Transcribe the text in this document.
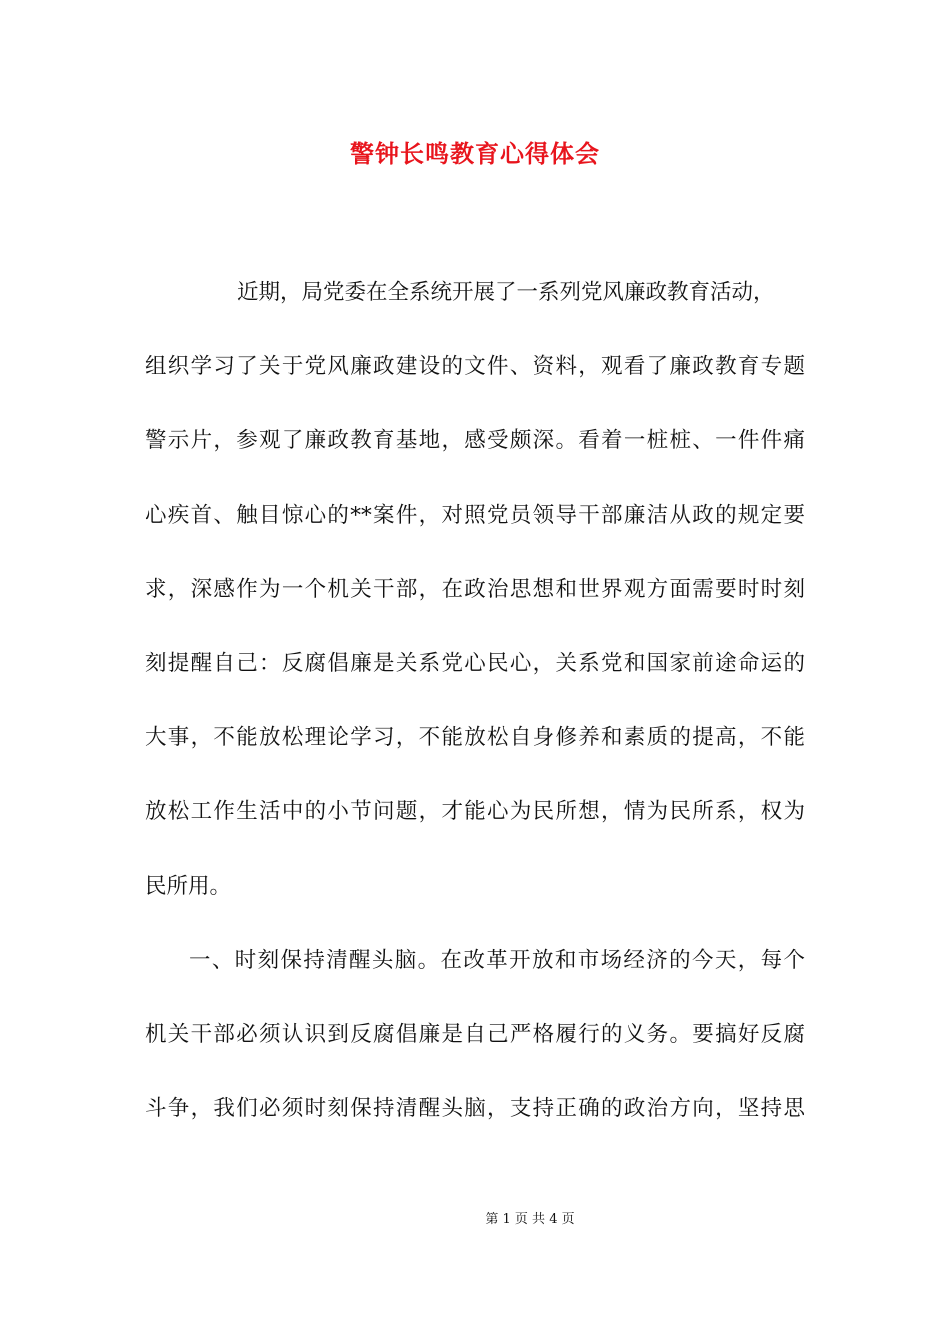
警钟长鸣教育心得体会
近期，局党委在全系统开展了一系列党风廉政教育活动，
组织学习了关于党风廉政建设的文件、资料，观看了廉政教育专题
警示片，参观了廉政教育基地，感受颇深。看着一桩桩、一件件痛
心疾首、触目惊心的**案件，对照党员领导干部廉洁从政的规定要
求，深感作为一个机关干部，在政治思想和世界观方面需要时时刻
刻提醒自己：反腐倡廉是关系党心民心，关系党和国家前途命运的
大事，不能放松理论学习，不能放松自身修养和素质的提高，不能
放松工作生活中的小节问题，才能心为民所想，情为民所系，权为
民所用。
一、时刻保持清醒头脑。在改革开放和市场经济的今天，每个
机关干部必须认识到反腐倡廉是自己严格履行的义务。要搞好反腐
斗争，我们必须时刻保持清醒头脑，支持正确的政治方向，坚持思
第 1 页 共 4 页
